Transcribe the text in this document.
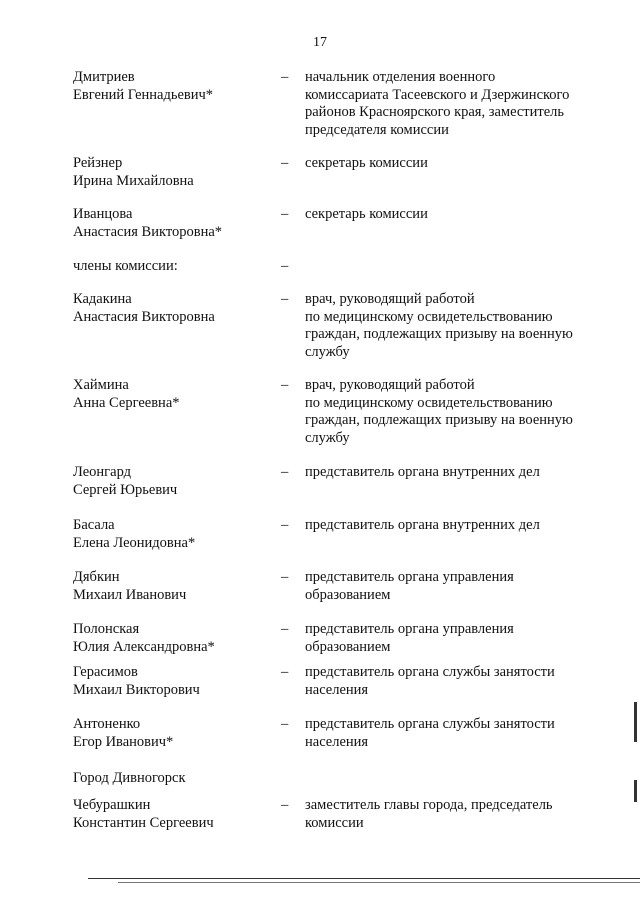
17
Дмитриев
Евгений Геннадьевич*
– начальник отделения военного
комиссариата Тасеевского и Дзержинского
районов Красноярского края, заместитель
председателя комиссии
Рейзнер
Ирина Михайловна
– секретарь комиссии
Иванцова
Анастасия Викторовна*
– секретарь комиссии
члены комиссии:	–
Кадакина
Анастасия Викторовна
– врач, руководящий работой
по медицинскому освидетельствованию
граждан, подлежащих призыву на военную
службу
Хаймина
Анна Сергеевна*
– врач, руководящий работой
по медицинскому освидетельствованию
граждан, подлежащих призыву на военную
службу
Леонгард
Сергей Юрьевич
– представитель органа внутренних дел
Басала
Елена Леонидовна*
– представитель органа внутренних дел
Дябкин
Михаил Иванович
– представитель органа управления
образованием
Полонская
Юлия Александровна*
– представитель органа управления
образованием
Герасимов
Михаил Викторович
– представитель органа службы занятости
населения
Антоненко
Егор Иванович*
– представитель органа службы занятости
населения
Город Дивногорск
Чебурашкин
Константин Сергеевич
– заместитель главы города, председатель
комиссии
